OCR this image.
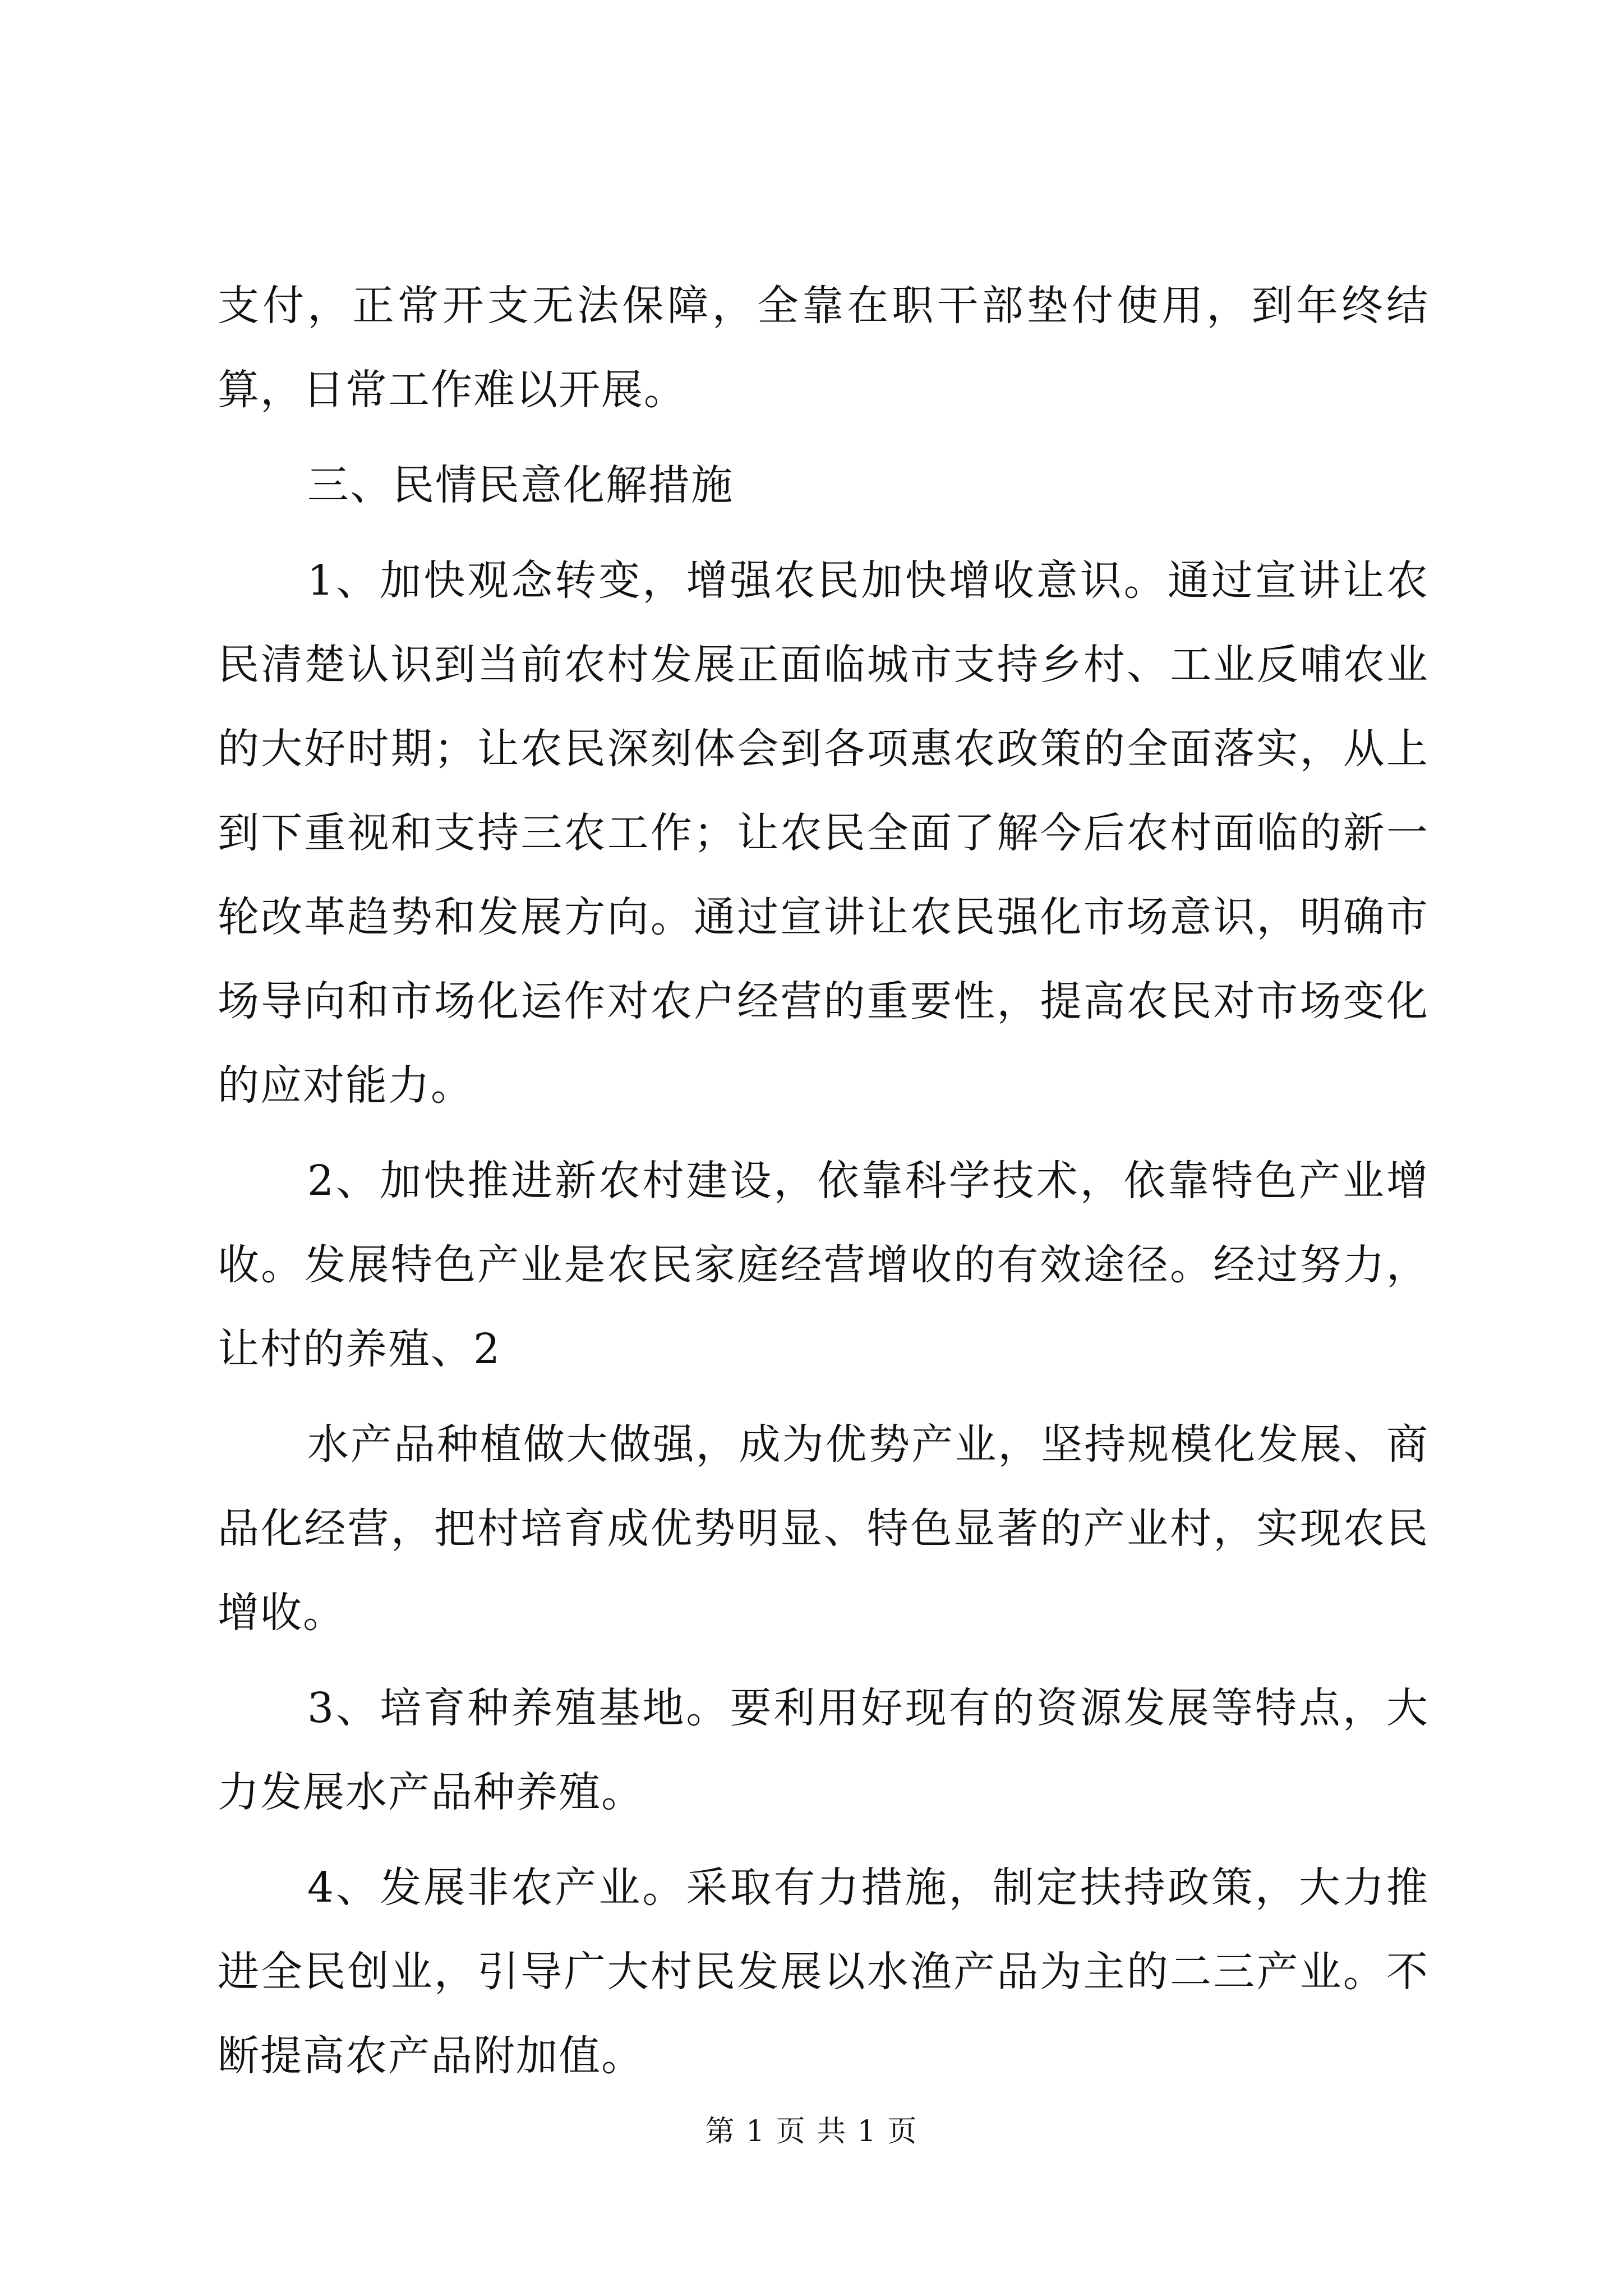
支付，正常开支无法保障，全靠在职干部垫付使用，到年终结算，日常工作难以开展。

三、民情民意化解措施

1、加快观念转变，增强农民加快增收意识。通过宣讲让农民清楚认识到当前农村发展正面临城市支持乡村、工业反哺农业的大好时期；让农民深刻体会到各项惠农政策的全面落实，从上到下重视和支持三农工作；让农民全面了解今后农村面临的新一轮改革趋势和发展方向。通过宣讲让农民强化市场意识，明确市场导向和市场化运作对农户经营的重要性，提高农民对市场变化的应对能力。

2、加快推进新农村建设，依靠科学技术，依靠特色产业增收。发展特色产业是农民家庭经营增收的有效途径。经过努力，让村的养殖、2

水产品种植做大做强，成为优势产业，坚持规模化发展、商品化经营，把村培育成优势明显、特色显著的产业村，实现农民增收。

3、培育种养殖基地。要利用好现有的资源发展等特点，大力发展水产品种养殖。

4、发展非农产业。采取有力措施，制定扶持政策，大力推进全民创业，引导广大村民发展以水渔产品为主的二三产业。不断提高农产品附加值。

第 1 页 共 1 页
